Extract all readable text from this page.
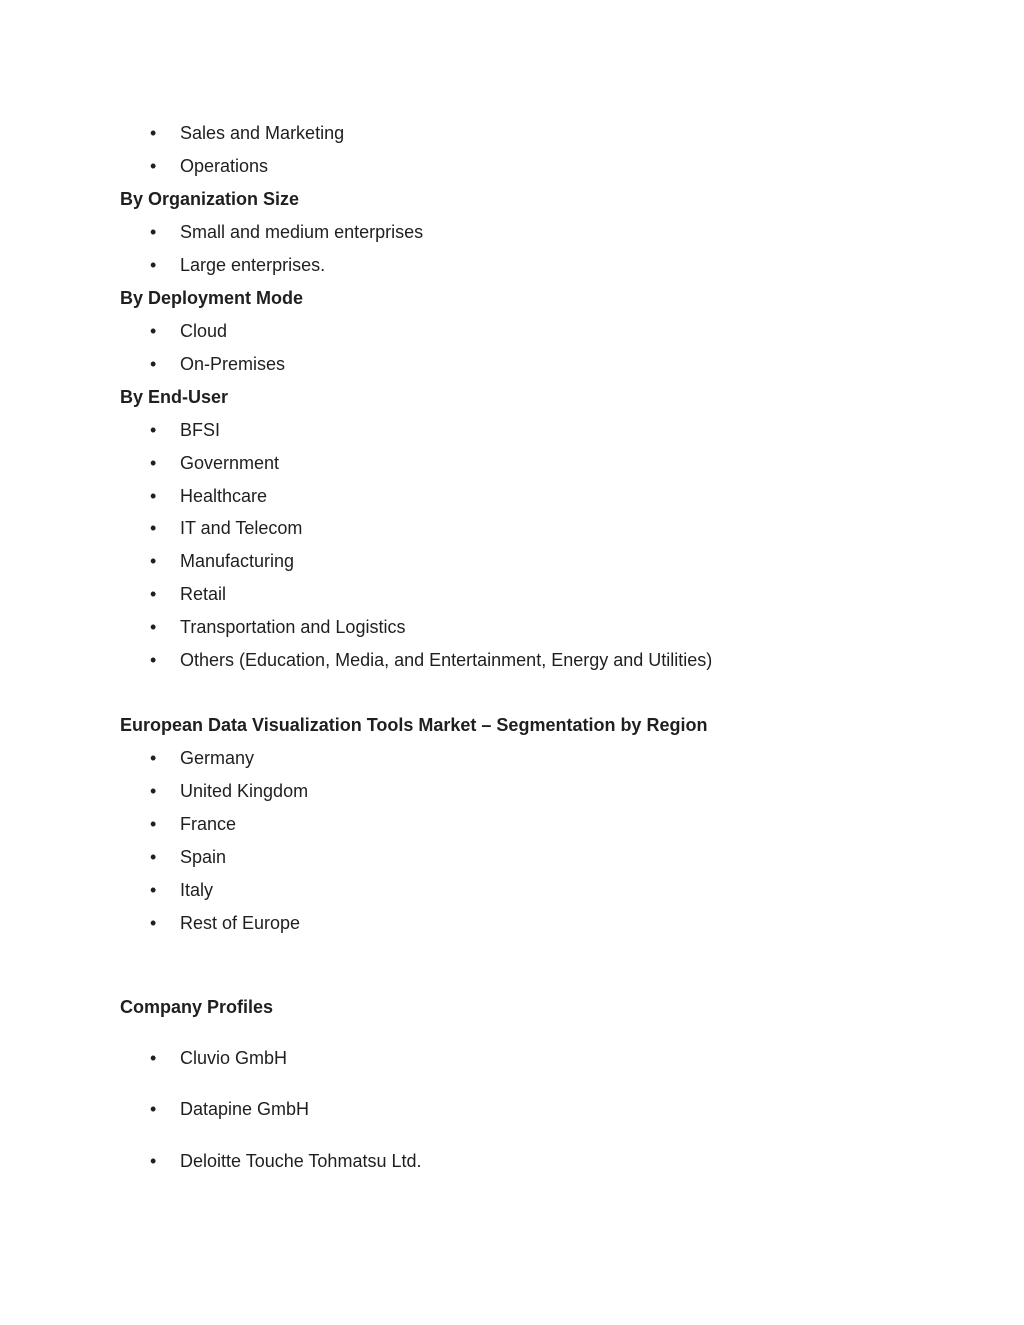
• Sales and Marketing
• Operations
By Organization Size
• Small and medium enterprises
• Large enterprises.
By Deployment Mode
• Cloud
• On-Premises
By End-User
• BFSI
• Government
• Healthcare
• IT and Telecom
• Manufacturing
• Retail
• Transportation and Logistics
• Others (Education, Media, and Entertainment, Energy and Utilities)
European Data Visualization Tools Market – Segmentation by Region
• Germany
• United Kingdom
• France
• Spain
• Italy
• Rest of Europe
Company Profiles
• Cluvio GmbH
• Datapine GmbH
• Deloitte Touche Tohmatsu Ltd.
